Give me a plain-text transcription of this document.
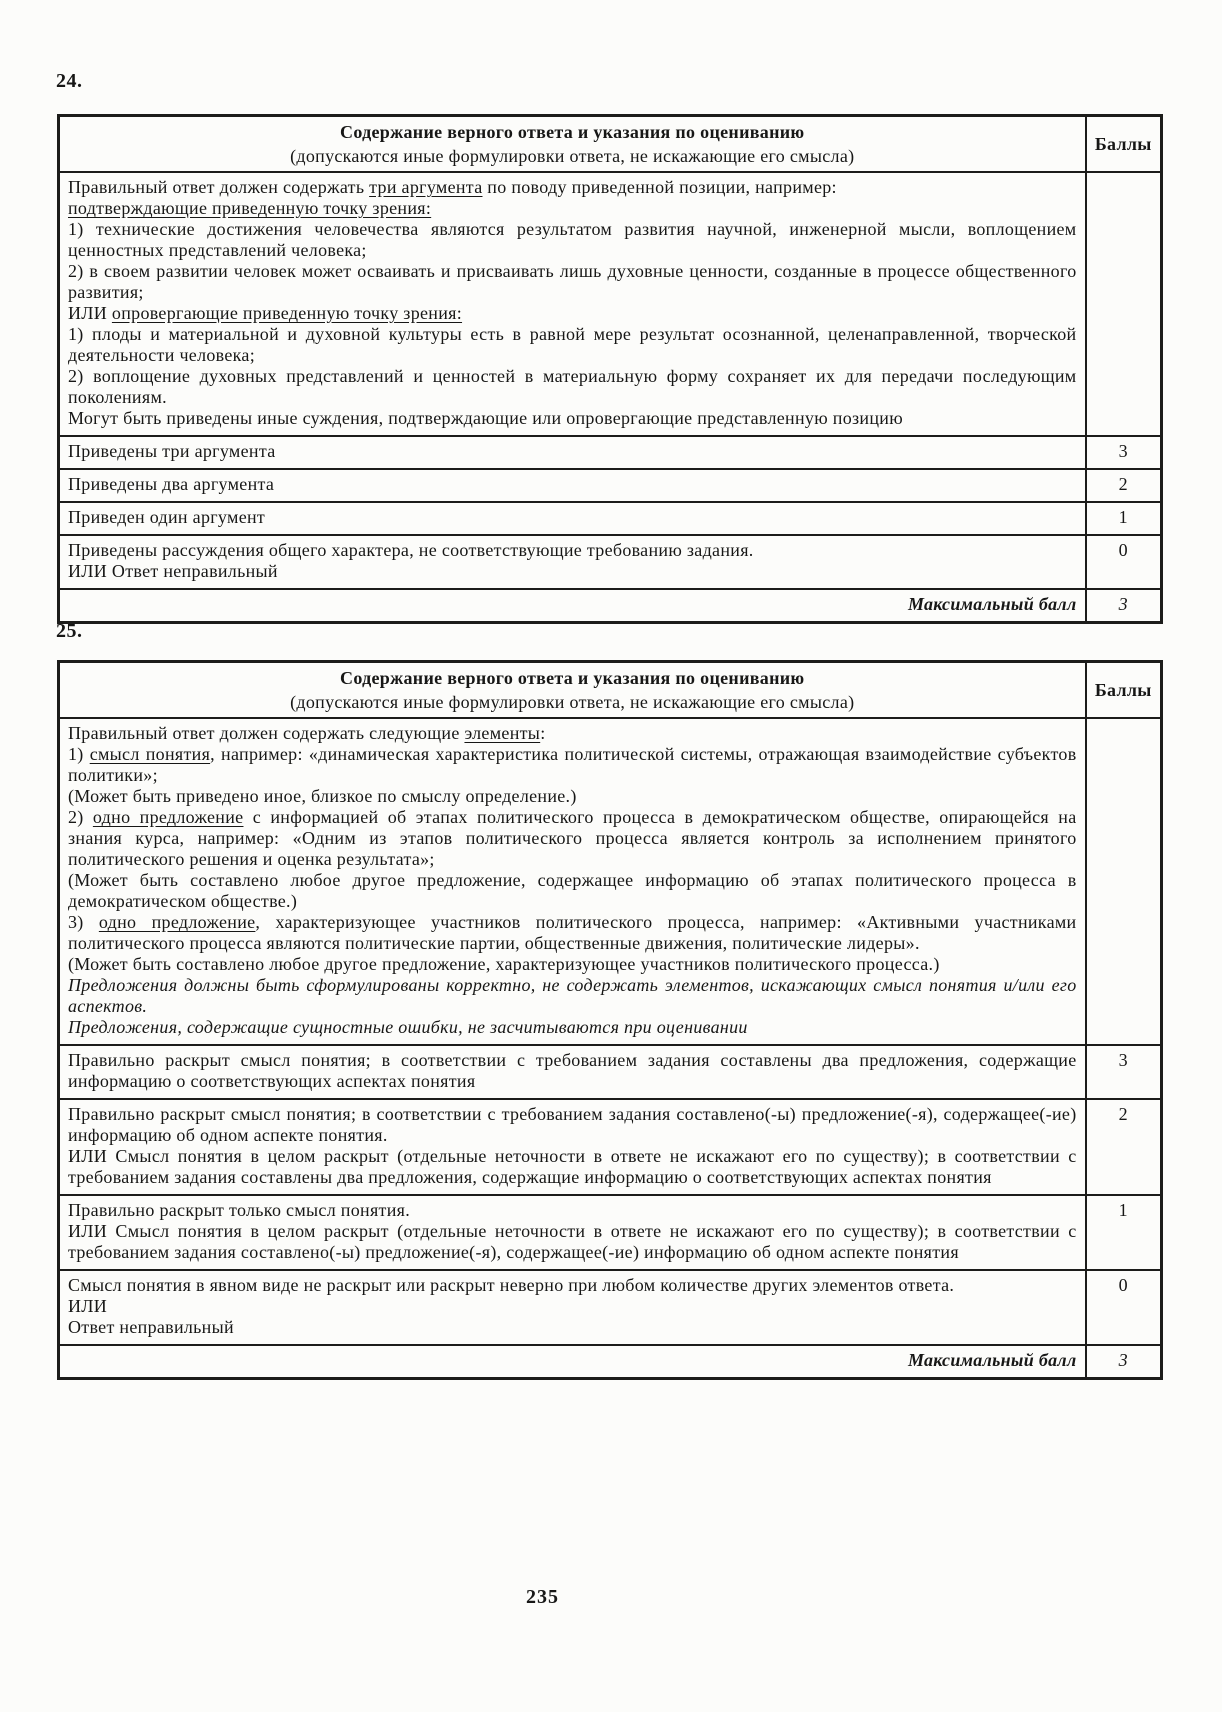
24.
Содержание верного ответа и указания по оцениванию
(допускаются иные формулировки ответа, не искажающие его смысла)	Баллы

Правильный ответ должен содержать три аргумента по поводу приведенной позиции, например:

подтверждающие приведенную точку зрения:

1) технические достижения человечества являются результатом развития научной, инженерной мысли, воплощением ценностных представлений человека;

2) в своем развитии человек может осваивать и присваивать лишь духовные ценности, созданные в процессе общественного развития;

ИЛИ опровергающие приведенную точку зрения:

1) плоды и материальной и духовной культуры есть в равной мере результат осознанной, целенаправленной, творческой деятельности человека;

2) воплощение духовных представлений и ценностей в материальную форму сохраняет их для передачи последующим поколениям.

Могут быть приведены иные суждения, подтверждающие или опровергающие представленную позицию

Приведены три аргумента	3

Приведены два аргумента	2

Приведен один аргумент	1

Приведены рассуждения общего характера, не соответствующие требованию задания.

ИЛИ Ответ неправильный	0
Максимальный балл	3
25.
Содержание верного ответа и указания по оцениванию
(допускаются иные формулировки ответа, не искажающие его смысла)	Баллы

Правильный ответ должен содержать следующие элементы:

1) смысл понятия, например: «динамическая характеристика политической системы, отражающая взаимодействие субъектов политики»;

(Может быть приведено иное, близкое по смыслу определение.)

2) одно предложение с информацией об этапах политического процесса в демократическом обществе, опирающейся на знания курса, например: «Одним из этапов политического процесса является контроль за исполнением принятого политического решения и оценка результата»;

(Может быть составлено любое другое предложение, содержащее информацию об этапах политического процесса в демократическом обществе.)

3) одно предложение, характеризующее участников политического процесса, например: «Активными участниками политического процесса являются политические партии, общественные движения, политические лидеры».

(Может быть составлено любое другое предложение, характеризующее участников политического процесса.)

Предложения должны быть сформулированы корректно, не содержать элементов, искажающих смысл понятия и/или его аспектов.

Предложения, содержащие сущностные ошибки, не засчитываются при оценивании

Правильно раскрыт смысл понятия; в соответствии с требованием задания составлены два предложения, содержащие информацию о соответствующих аспектах понятия	3

Правильно раскрыт смысл понятия; в соответствии с требованием задания составлено(-ы) предложение(-я), содержащее(-ие) информацию об одном аспекте понятия.

ИЛИ Смысл понятия в целом раскрыт (отдельные неточности в ответе не искажают его по существу); в соответствии с требованием задания составлены два предложения, содержащие информацию о соответствующих аспектах понятия	2

Правильно раскрыт только смысл понятия.

ИЛИ Смысл понятия в целом раскрыт (отдельные неточности в ответе не искажают его по существу); в соответствии с требованием задания составлено(-ы) предложение(-я), содержащее(-ие) информацию об одном аспекте понятия	1

Смысл понятия в явном виде не раскрыт или раскрыт неверно при любом количестве других элементов ответа.

ИЛИ

Ответ неправильный	0
Максимальный балл	3
235
